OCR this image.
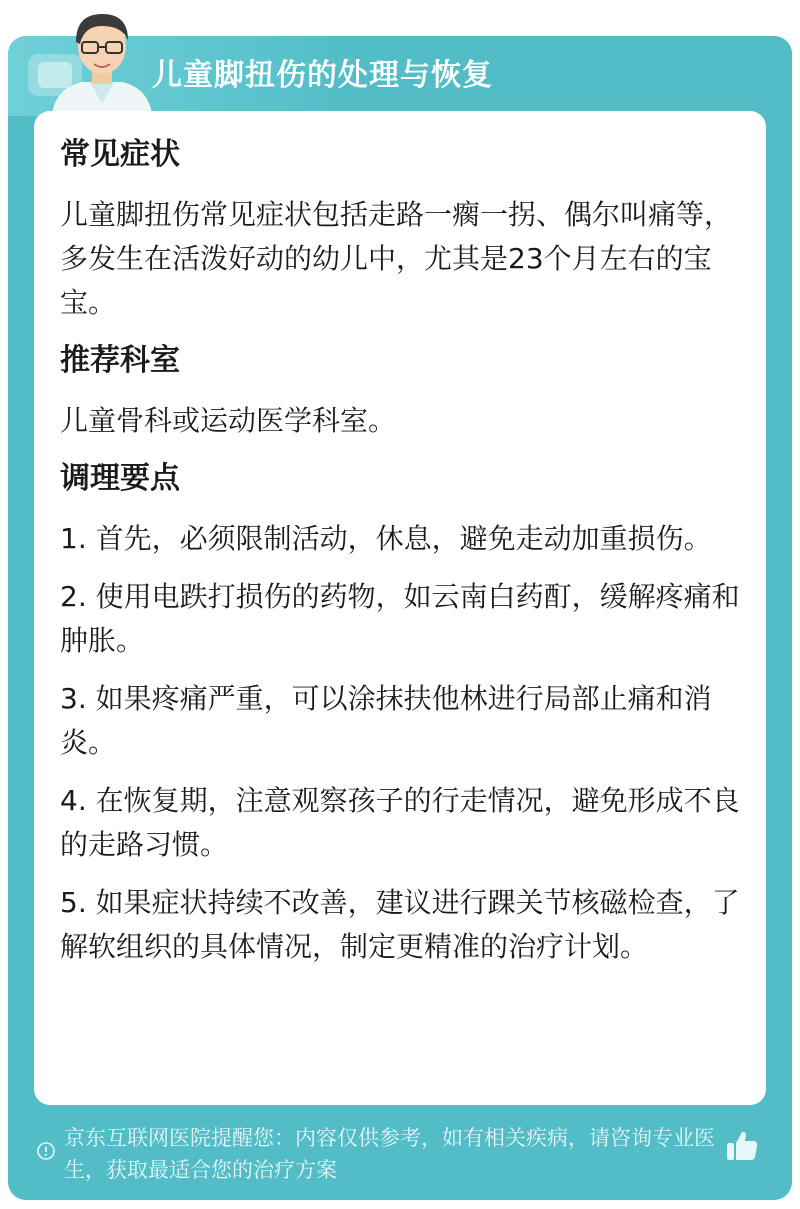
儿童脚扭伤的处理与恢复
常见症状
儿童脚扭伤常见症状包括走路一瘸一拐、偶尔叫痛等，多发生在活泼好动的幼儿中，尤其是23个月左右的宝宝。
推荐科室
儿童骨科或运动医学科室。
调理要点
1. 首先，必须限制活动，休息，避免走动加重损伤。
2. 使用电跌打损伤的药物，如云南白药酊，缓解疼痛和肿胀。
3. 如果疼痛严重，可以涂抹扶他林进行局部止痛和消炎。
4. 在恢复期，注意观察孩子的行走情况，避免形成不良的走路习惯。
5. 如果症状持续不改善，建议进行踝关节核磁检查，了解软组织的具体情况，制定更精准的治疗计划。
京东互联网医院提醒您：内容仅供参考，如有相关疾病，请咨询专业医生，获取最适合您的治疗方案
